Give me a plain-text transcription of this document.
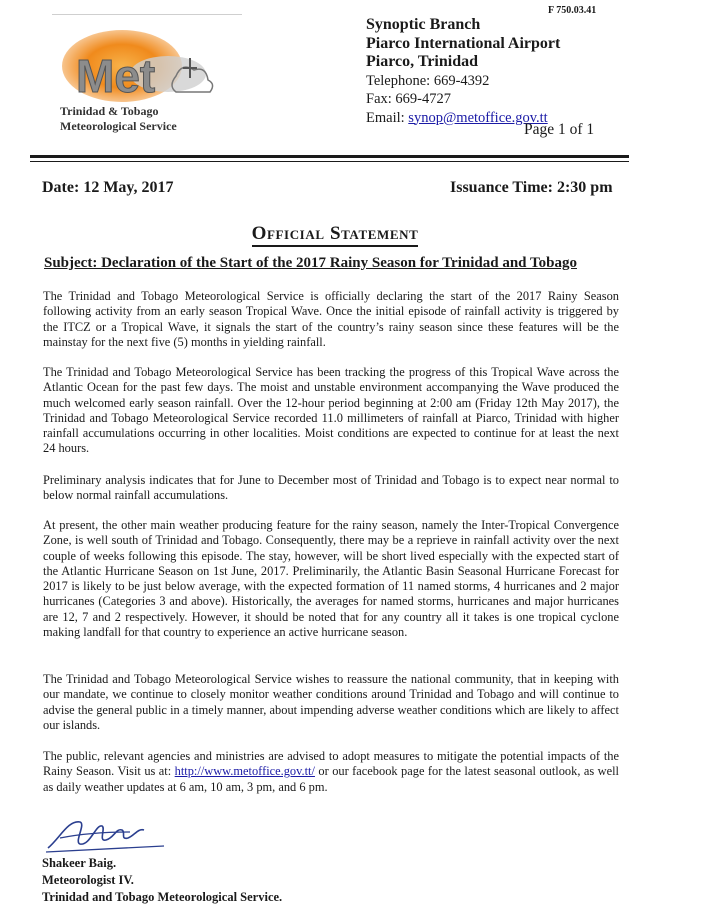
F 750.03.41
Met
Trinidad & Tobago
Meteorological Service
Synoptic Branch
Piarco International Airport
Piarco, Trinidad
Telephone: 669-4392
Fax: 669-4727
Email: synop@metoffice.gov.tt
Page 1 of 1
Date: 12 May, 2017	Issuance Time: 2:30 pm
Official Statement
Subject: Declaration of the Start of the 2017 Rainy Season for Trinidad and Tobago
The Trinidad and Tobago Meteorological Service is officially declaring the start of the 2017 Rainy Season following activity from an early season Tropical Wave. Once the initial episode of rainfall activity is triggered by the ITCZ or a Tropical Wave, it signals the start of the country’s rainy season since these features will be the mainstay for the next five (5) months in yielding rainfall.
The Trinidad and Tobago Meteorological Service has been tracking the progress of this Tropical Wave across the Atlantic Ocean for the past few days. The moist and unstable environment accompanying the Wave produced the much welcomed early season rainfall. Over the 12-hour period beginning at 2:00 am (Friday 12th May 2017), the Trinidad and Tobago Meteorological Service recorded 11.0 millimeters of rainfall at Piarco, Trinidad with higher rainfall accumulations occurring in other localities. Moist conditions are expected to continue for at least the next 24 hours.
Preliminary analysis indicates that for June to December most of Trinidad and Tobago is to expect near normal to below normal rainfall accumulations.
At present, the other main weather producing feature for the rainy season, namely the Inter-Tropical Convergence Zone, is well south of Trinidad and Tobago. Consequently, there may be a reprieve in rainfall activity over the next couple of weeks following this episode. The stay, however, will be short lived especially with the expected start of the Atlantic Hurricane Season on 1st June, 2017. Preliminarily, the Atlantic Basin Seasonal Hurricane Forecast for 2017 is likely to be just below average, with the expected formation of 11 named storms, 4 hurricanes and 2 major hurricanes (Categories 3 and above). Historically, the averages for named storms, hurricanes and major hurricanes are 12, 7 and 2 respectively. However, it should be noted that for any country all it takes is one tropical cyclone making landfall for that country to experience an active hurricane season.
The Trinidad and Tobago Meteorological Service wishes to reassure the national community, that in keeping with our mandate, we continue to closely monitor weather conditions around Trinidad and Tobago and will continue to advise the general public in a timely manner, about impending adverse weather conditions which are likely to affect our islands.
The public, relevant agencies and ministries are advised to adopt measures to mitigate the potential impacts of the Rainy Season. Visit us at: http://www.metoffice.gov.tt/ or our facebook page for the latest seasonal outlook, as well as daily weather updates at 6 am, 10 am, 3 pm, and 6 pm.
Shakeer Baig.
Meteorologist IV.
Trinidad and Tobago Meteorological Service.
